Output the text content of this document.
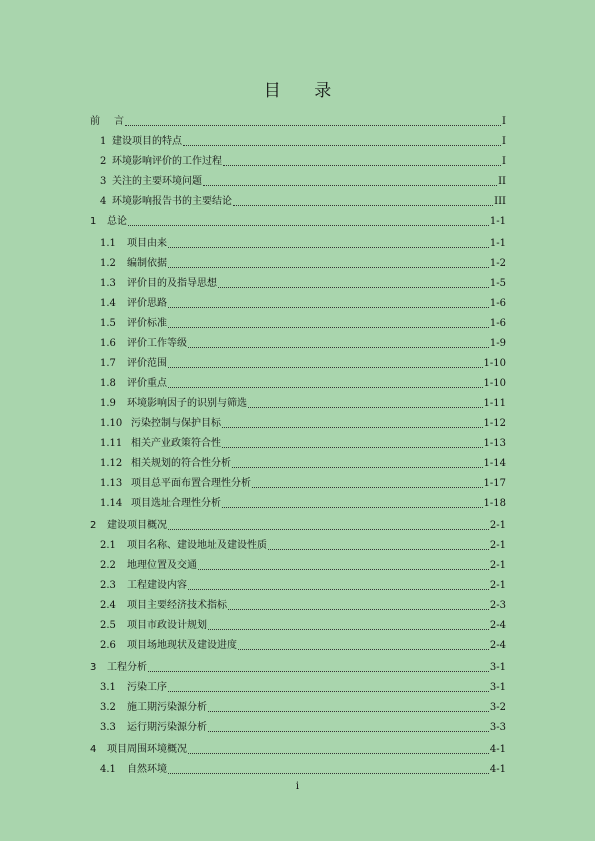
目 录
前 言	I
1 建设项目的特点	I
2 环境影响评价的工作过程	I
3 关注的主要环境问题	II
4 环境影响报告书的主要结论	III
1 总论	1-1
1.1 项目由来	1-1
1.2 编制依据	1-2
1.3 评价目的及指导思想	1-5
1.4 评价思路	1-6
1.5 评价标准	1-6
1.6 评价工作等级	1-9
1.7 评价范围	1-10
1.8 评价重点	1-10
1.9 环境影响因子的识别与筛选	1-11
1.10 污染控制与保护目标	1-12
1.11 相关产业政策符合性	1-13
1.12 相关规划的符合性分析	1-14
1.13 项目总平面布置合理性分析	1-17
1.14 项目选址合理性分析	1-18
2 建设项目概况	2-1
2.1 项目名称、建设地址及建设性质	2-1
2.2 地理位置及交通	2-1
2.3 工程建设内容	2-1
2.4 项目主要经济技术指标	2-3
2.5 项目市政设计规划	2-4
2.6 项目场地现状及建设进度	2-4
3 工程分析	3-1
3.1 污染工序	3-1
3.2 施工期污染源分析	3-2
3.3 运行期污染源分析	3-3
4 项目周围环境概况	4-1
4.1 自然环境	4-1
i
